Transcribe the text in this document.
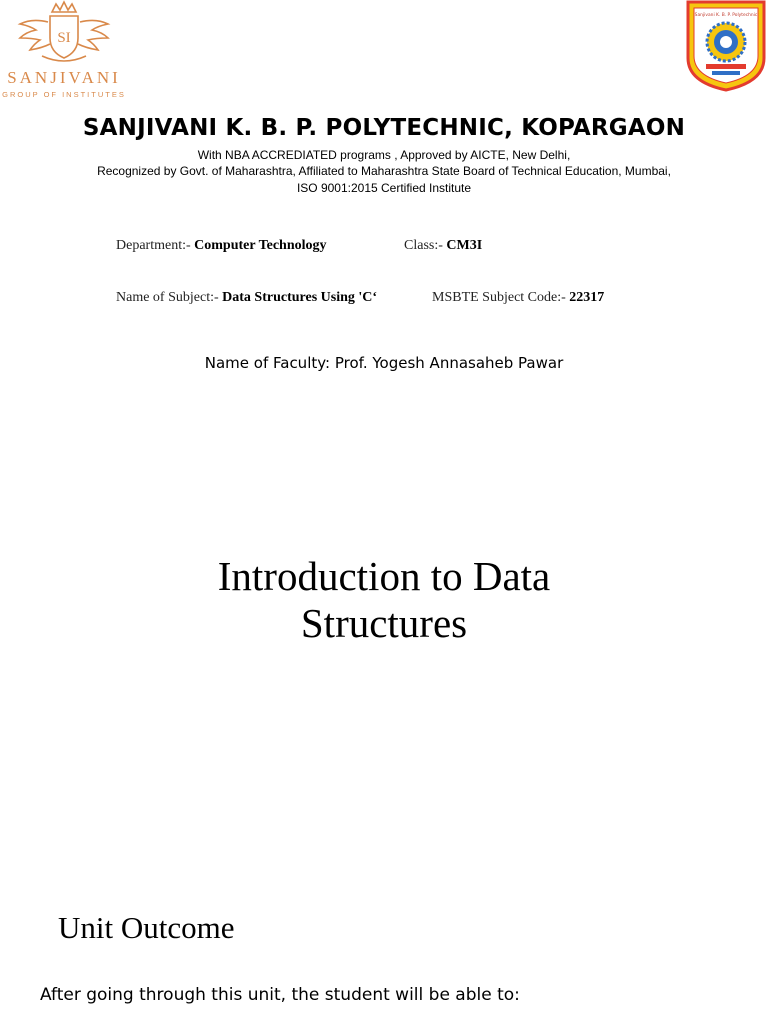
SI
SANJIVANI
GROUP OF INSTITUTES
Sanjivani K. B. P. Polytechnic
SANJIVANI K. B. P. POLYTECHNIC, KOPARGAON
With NBA ACCREDIATED programs , Approved by AICTE, New Delhi,
Recognized by Govt. of Maharashtra, Affiliated to Maharashtra State Board of Technical Education, Mumbai,
ISO 9001:2015 Certified Institute
Department:- Computer Technology	Class:- CM3I
Name of Subject:- Data Structures Using 'C‘	MSBTE Subject Code:- 22317
Name of Faculty: Prof. Yogesh Annasaheb Pawar
Introduction to Data
Structures
Unit Outcome
After going through this unit, the student will be able to:
